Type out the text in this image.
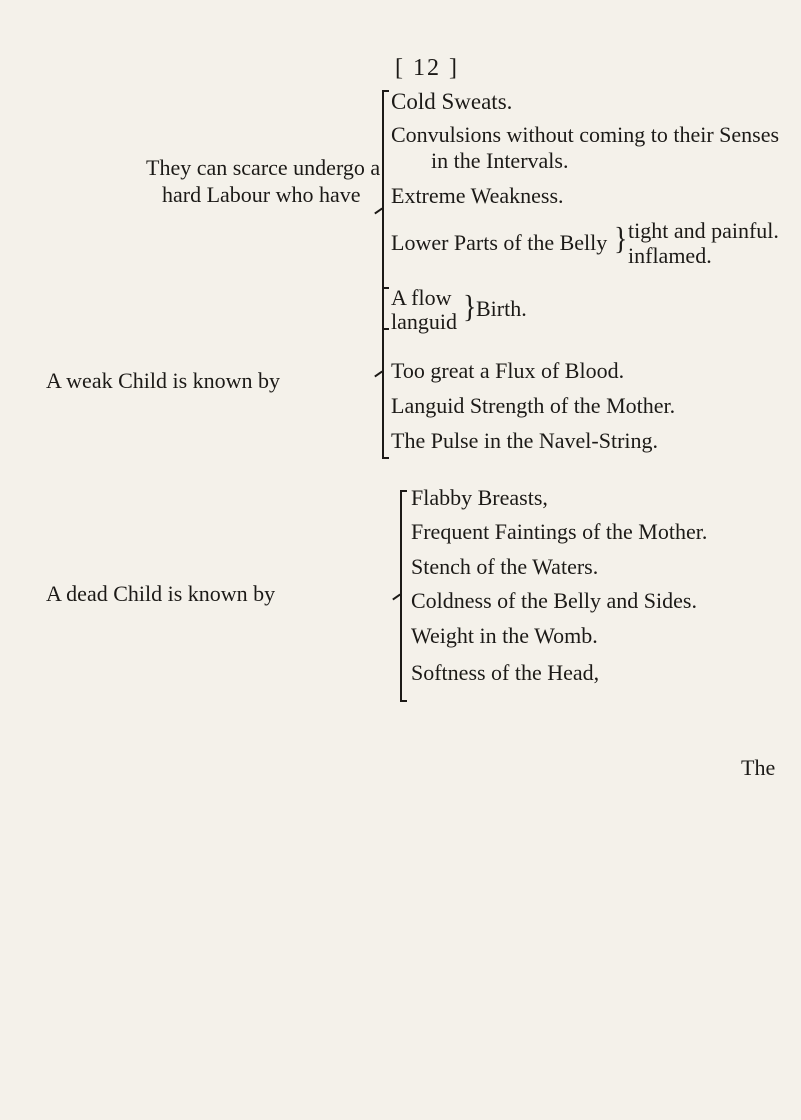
[ 12 ]
They can scarce undergo a
hard Labour who have
Cold Sweats.
Convulsions without coming to their Senses
in the Intervals.
Extreme Weakness.
Lower Parts of the Belly } tight and painful.
inflamed.
A flow
languid } Birth.
A weak Child is known by	Too great a Flux of Blood.
Languid Strength of the Mother.
The Pulse in the Navel-String.
Flabby Breasts,
Frequent Faintings of the Mother.
Stench of the Waters.
A dead Child is known by	Coldness of the Belly and Sides.
Weight in the Womb.
Softness of the Head,
The
